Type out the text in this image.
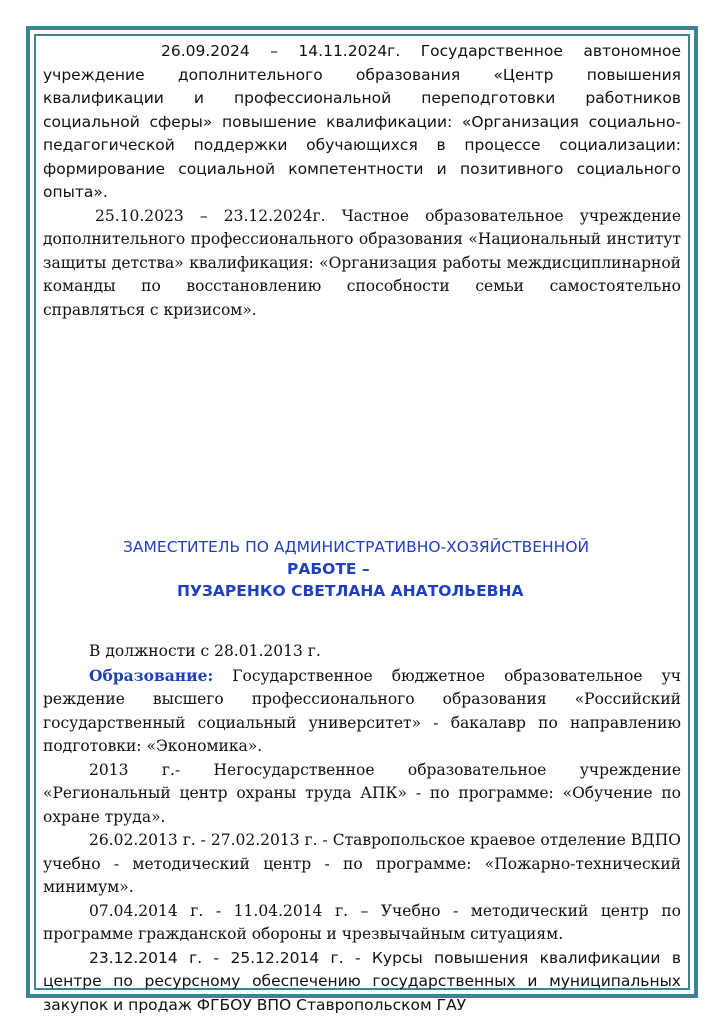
26.09.2024 – 14.11.2024г. Государственное автономное учреждение дополнительного образования «Центр повышения квалификации и профессиональной переподготовки работников социальной сферы» повышение квалификации: «Организация социально-педагогической поддержки обучающихся в процессе социализации: формирование социальной компетентности и позитивного социального опыта».

25.10.2023 – 23.12.2024г. Частное образовательное учреждение дополнительного профессионального образования «Национальный институт защиты детства» квалификация: «Организация работы междисциплинарной команды по восстановлению способности семьи самостоятельно справляться с кризисом».

ЗАМЕСТИТЕЛЬ ПО АДМИНИСТРАТИВНО-ХОЗЯЙСТВЕННОЙ

РАБОТЕ –

ПУЗАРЕНКО СВЕТЛАНА АНАТОЛЬЕВНА

В должности с 28.01.2013 г.

Образование: Государственное бюджетное образовательное уч реждение высшего профессионального образования «Российский государственный социальный университет» - бакалавр по направлению подготовки: «Экономика».

2013 г.- Негосударственное образовательное учреждение «Региональный центр охраны труда АПК» - по программе: «Обучение по охране труда».

26.02.2013 г. - 27.02.2013 г. - Ставропольское краевое отделение ВДПО учебно - методический центр - по программе: «Пожарно-технический минимум».

07.04.2014 г. - 11.04.2014 г. – Учебно - методический центр по программе гражданской обороны и чрезвычайным ситуациям.

23.12.2014 г. - 25.12.2014 г. - Курсы повышения квалификации в центре по ресурсному обеспечению государственных и муниципальных закупок и продаж ФГБОУ ВПО Ставропольском ГАУ
